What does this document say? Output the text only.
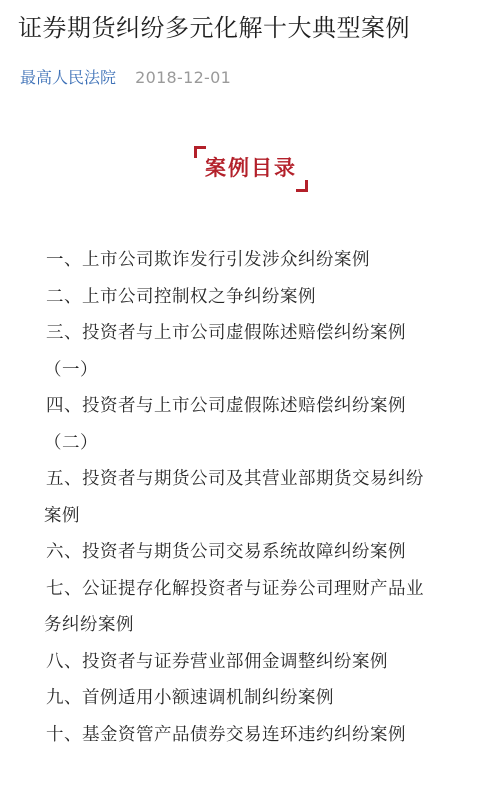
证券期货纠纷多元化解十大典型案例
最高人民法院 2018-12-01
案例目录
一、上市公司欺诈发行引发涉众纠纷案例
二、上市公司控制权之争纠纷案例
三、投资者与上市公司虚假陈述赔偿纠纷案例
（一）
四、投资者与上市公司虚假陈述赔偿纠纷案例
（二）
五、投资者与期货公司及其营业部期货交易纠纷
案例
六、投资者与期货公司交易系统故障纠纷案例
七、公证提存化解投资者与证券公司理财产品业
务纠纷案例
八、投资者与证券营业部佣金调整纠纷案例
九、首例适用小额速调机制纠纷案例
十、基金资管产品债券交易连环违约纠纷案例
